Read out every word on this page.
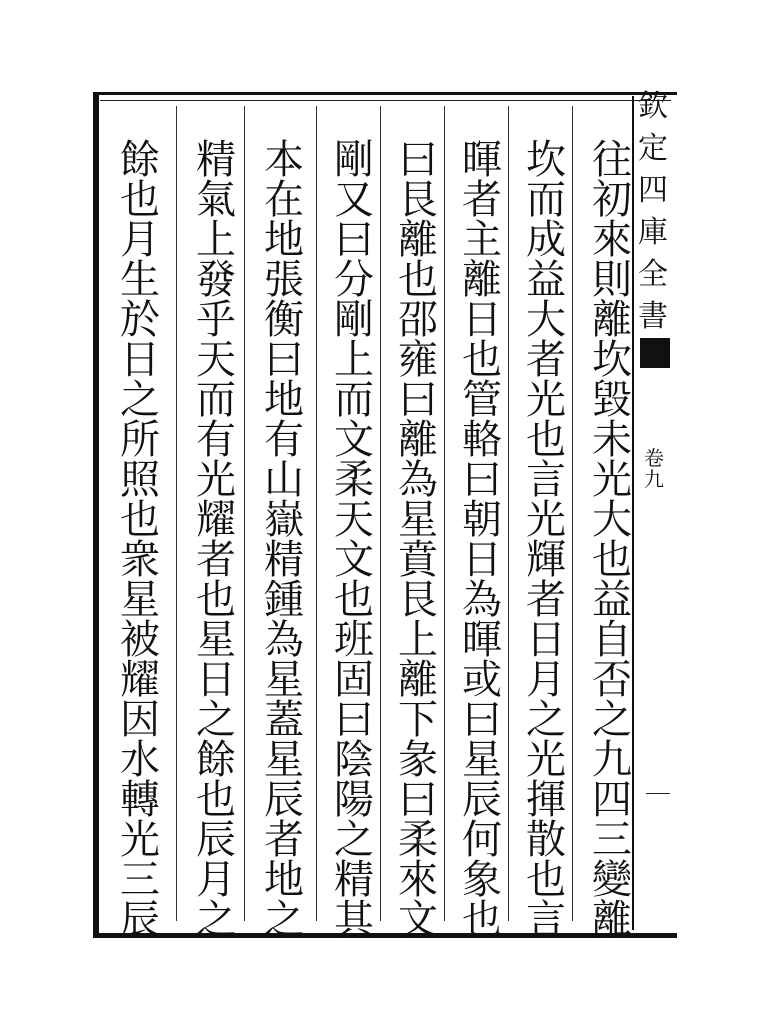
往
初
來
則
離
坎
毀
未
光
大
也
益
自
否
之
九
四
三
變
離
坎
而
成
益
大
者
光
也
言
光
輝
者
日
月
之
光
揮
散
也
言
暉
者
主
離
日
也
管
輅
曰
朝
日
為
暉
或
曰
星
辰
何
象
也
曰
艮
離
也
邵
雍
曰
離
為
星
賁
艮
上
離
下
彖
曰
柔
來
文
剛
又
曰
分
剛
上
而
文
柔
天
文
也
班
固
曰
陰
陽
之
精
其
本
在
地
張
衡
曰
地
有
山
嶽
精
鍾
為
星
蓋
星
辰
者
地
之
精
氣
上
發
乎
天
而
有
光
耀
者
也
星
日
之
餘
也
辰
月
之
餘
也
月
生
於
日
之
所
照
也
衆
星
被
耀
因
水
轉
光
三
辰
欽
定
四
庫
全
書
卷
九
